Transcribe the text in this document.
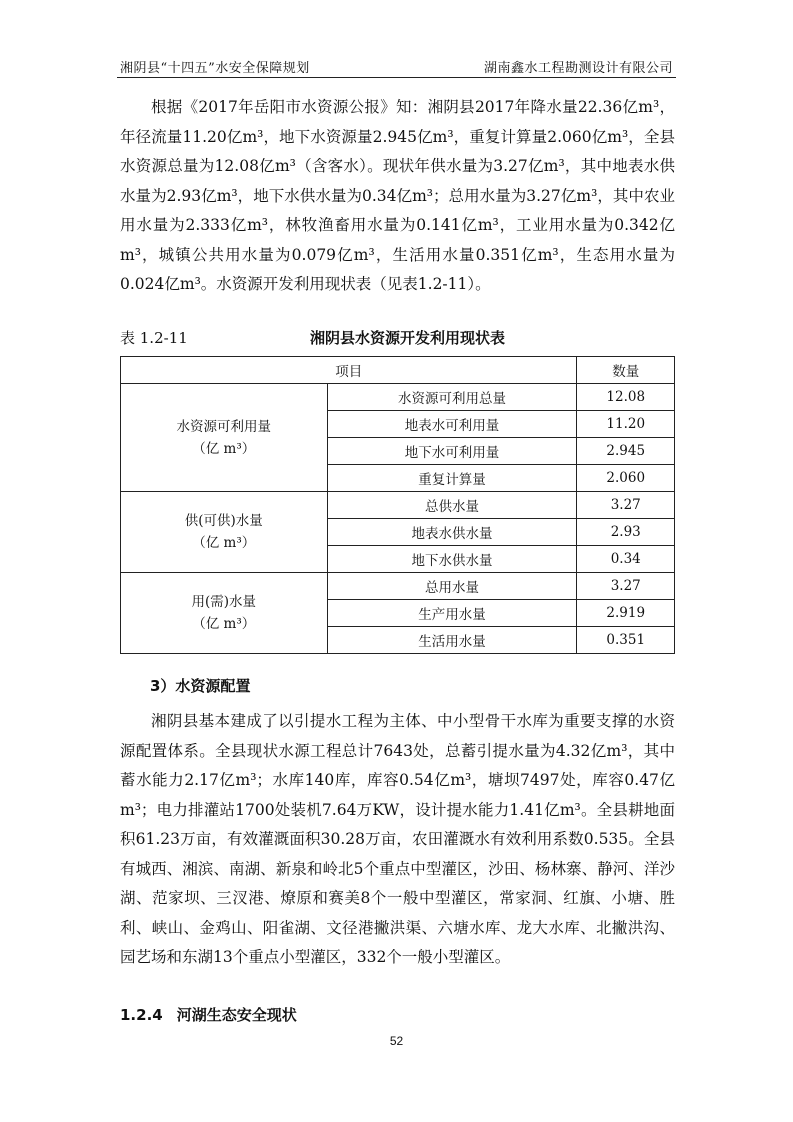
湘阴县“十四五”水安全保障规划	湖南鑫水工程勘测设计有限公司

根据《2017年岳阳市水资源公报》知：湘阴县2017年降水量22.36亿m³，年径流量11.20亿m³，地下水资源量2.945亿m³，重复计算量2.060亿m³，全县水资源总量为12.08亿m³（含客水）。现状年供水量为3.27亿m³，其中地表水供水量为2.93亿m³，地下水供水量为0.34亿m³；总用水量为3.27亿m³，其中农业用水量为2.333亿m³，林牧渔畜用水量为0.141亿m³，工业用水量为0.342亿m³，城镇公共用水量为0.079亿m³，生活用水量0.351亿m³，生态用水量为0.024亿m³。水资源开发利用现状表（见表1.2-11）。

表 1.2-11	湘阴县水资源开发利用现状表
项目		数量
水资源可利用量
（亿 m³）	水资源可利用总量	12.08
	地表水可利用量	11.20
	地下水可利用量	2.945
	重复计算量	2.060
供(可供)水量
（亿 m³）	总供水量	3.27
	地表水供水量	2.93
	地下水供水量	0.34
用(需)水量
（亿 m³）	总用水量	3.27
	生产用水量	2.919
	生活用水量	0.351
3）水资源配置

湘阴县基本建成了以引提水工程为主体、中小型骨干水库为重要支撑的水资源配置体系。全县现状水源工程总计7643处，总蓄引提水量为4.32亿m³，其中蓄水能力2.17亿m³；水库140库，库容0.54亿m³，塘坝7497处，库容0.47亿m³；电力排灌站1700处装机7.64万KW，设计提水能力1.41亿m³。全县耕地面积61.23万亩，有效灌溉面积30.28万亩，农田灌溉水有效利用系数0.535。全县有城西、湘滨、南湖、新泉和岭北5个重点中型灌区，沙田、杨林寨、静河、洋沙湖、范家坝、三汊港、燎原和赛美8个一般中型灌区，常家洞、红旗、小塘、胜利、峡山、金鸡山、阳雀湖、文径港撇洪渠、六塘水库、龙大水库、北撇洪沟、园艺场和东湖13个重点小型灌区，332个一般小型灌区。

1.2.4 河湖生态安全现状
52
